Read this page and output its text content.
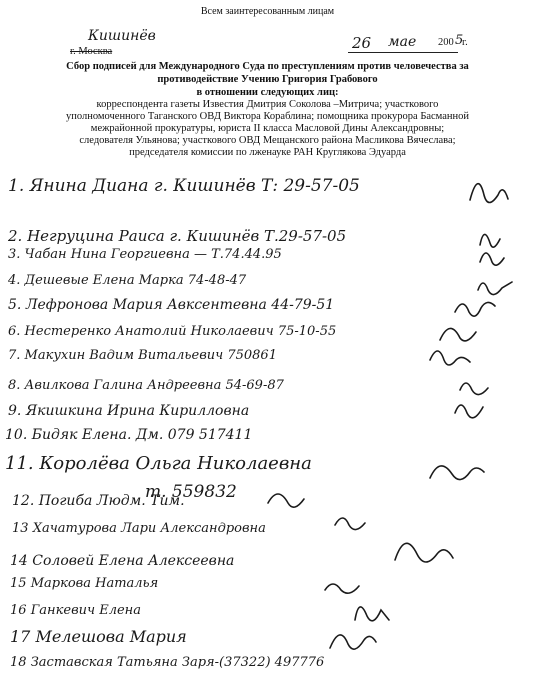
Всем заинтересованным лицам
Кишинёв
г. Москва	26 мае 200 5
г.
Сбор подписей для Международного Суда по преступлениям против человечества за
противодействие Учению Григория Грабового
в отношении следующих лиц:
корреспондента газеты Известия Дмитрия Соколова –Митрича; участкового
уполномоченного Таганского ОВД Виктора Кораблина; помощника прокурора Басманной
межрайонной прокуратуры, юриста II класса Масловой Дины Александровны;
следователя Ульянова; участкового ОВД Мещанского района Масликова Вячеслава;
председателя комиссии по лженауке РАН Круглякова Эдуарда
1. Янина Диана г. Кишинёв Т: 29-57-05
2. Негруцина Раиса г. Кишинёв Т.29-57-05
3. Чабан Нина Георгиевна — Т.74.44.95
4. Дешевые Елена Марка 74-48-47
5. Лефронова Мария Авксентевна 44-79-51
6. Нестеренко Анатолий Николаевич 75-10-55
7. Макухин Вадим Витальевич 750861
8. Авилкова Галина Андреевна 54-69-87
9. Якишкина Ирина Кирилловна
10. Бидяк Елена. Дм. 079 517411
11. Королёва Ольга Николаевна
т. 559832
12. Погиба Людм. Тим.
13 Хачатурова Лари Александровна
14 Соловей Елена Алексеевна
15 Маркова Наталья
16 Ганкевич Елена
17 Мелешова Мария
18 Заставская Татьяна Заря-(37322) 497776
